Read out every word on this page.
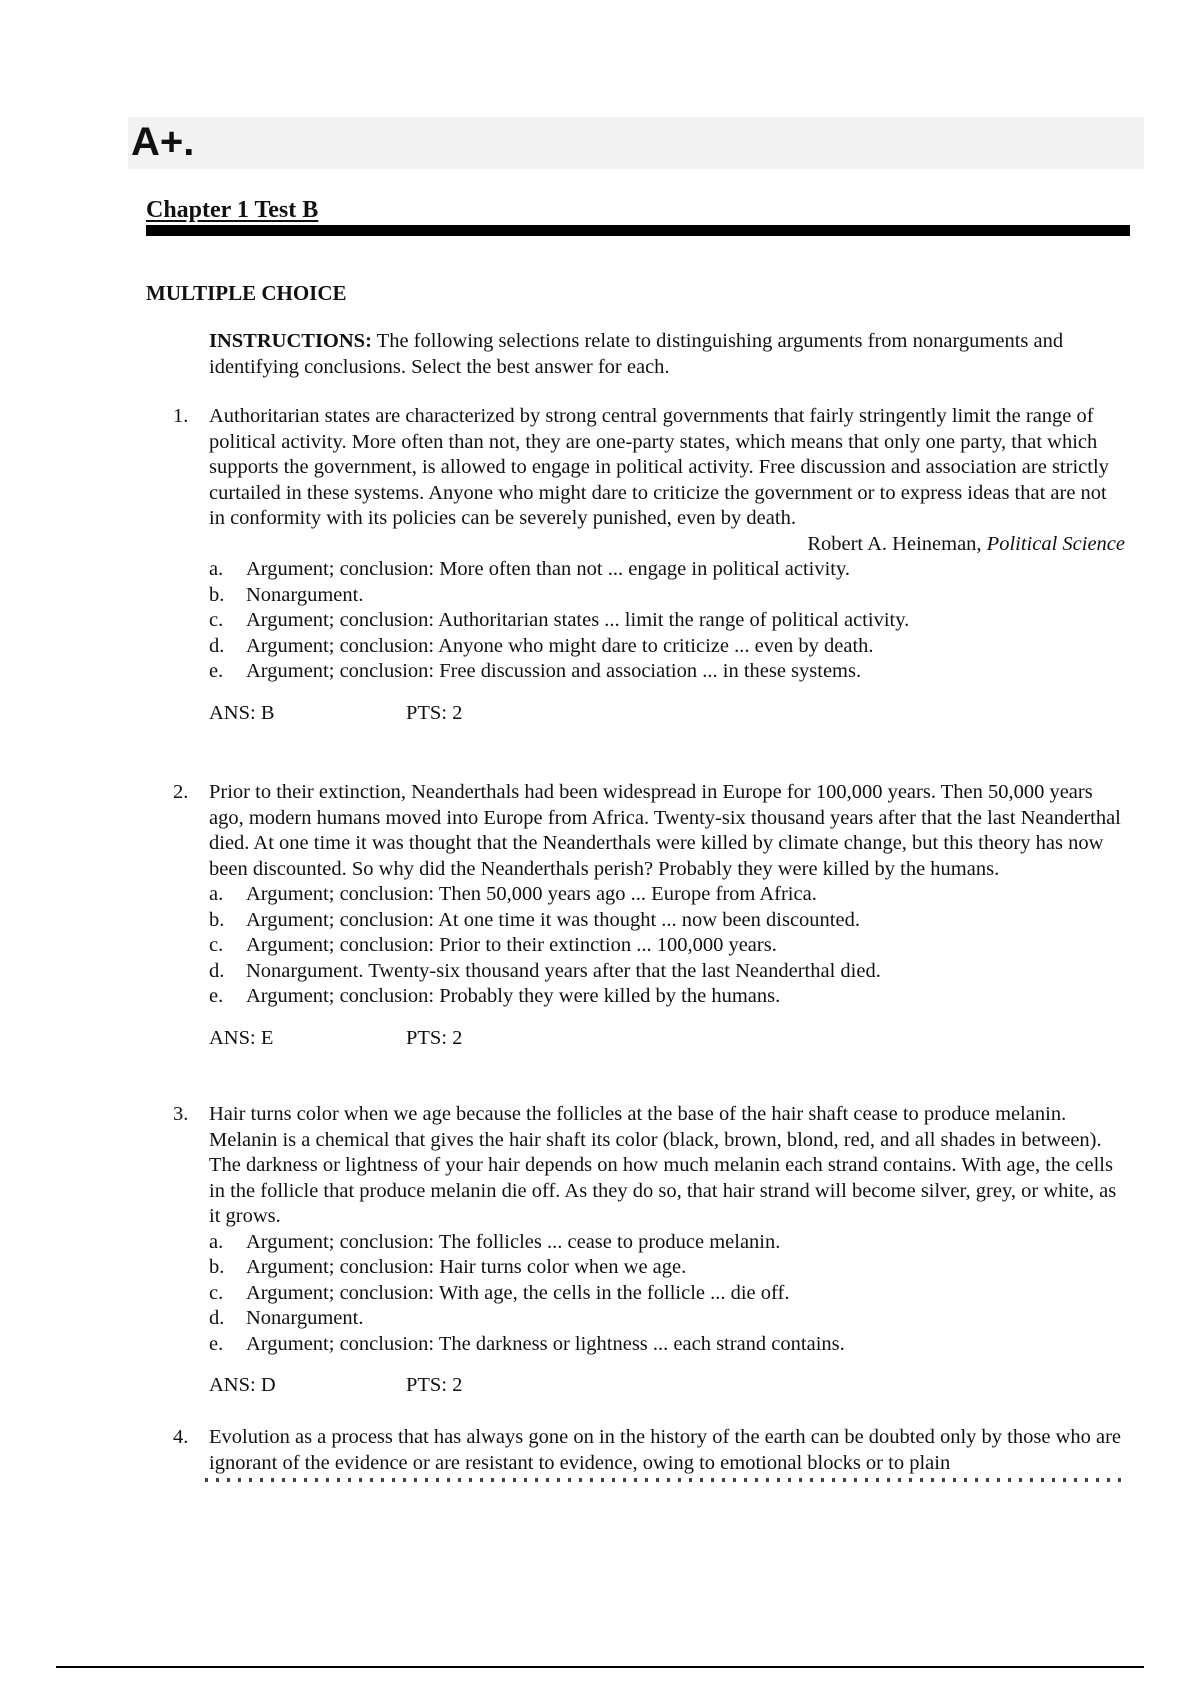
A+.
Chapter 1 Test B
MULTIPLE CHOICE
INSTRUCTIONS: The following selections relate to distinguishing arguments from nonarguments and identifying conclusions. Select the best answer for each.
1. Authoritarian states are characterized by strong central governments that fairly stringently limit the range of political activity. More often than not, they are one-party states, which means that only one party, that which supports the government, is allowed to engage in political activity. Free discussion and association are strictly curtailed in these systems. Anyone who might dare to criticize the government or to express ideas that are not in conformity with its policies can be severely punished, even by death.
Robert A. Heineman, Political Science
a. Argument; conclusion: More often than not ... engage in political activity.
b. Nonargument.
c. Argument; conclusion: Authoritarian states ... limit the range of political activity.
d. Argument; conclusion: Anyone who might dare to criticize ... even by death.
e. Argument; conclusion: Free discussion and association ... in these systems.
ANS: B	PTS: 2
2. Prior to their extinction, Neanderthals had been widespread in Europe for 100,000 years. Then 50,000 years ago, modern humans moved into Europe from Africa. Twenty-six thousand years after that the last Neanderthal died. At one time it was thought that the Neanderthals were killed by climate change, but this theory has now been discounted. So why did the Neanderthals perish? Probably they were killed by the humans.
a. Argument; conclusion: Then 50,000 years ago ... Europe from Africa.
b. Argument; conclusion: At one time it was thought ... now been discounted.
c. Argument; conclusion: Prior to their extinction ... 100,000 years.
d. Nonargument. Twenty-six thousand years after that the last Neanderthal died.
e. Argument; conclusion: Probably they were killed by the humans.
ANS: E	PTS: 2
3. Hair turns color when we age because the follicles at the base of the hair shaft cease to produce melanin. Melanin is a chemical that gives the hair shaft its color (black, brown, blond, red, and all shades in between). The darkness or lightness of your hair depends on how much melanin each strand contains. With age, the cells in the follicle that produce melanin die off. As they do so, that hair strand will become silver, grey, or white, as it grows.
a. Argument; conclusion: The follicles ... cease to produce melanin.
b. Argument; conclusion: Hair turns color when we age.
c. Argument; conclusion: With age, the cells in the follicle ... die off.
d. Nonargument.
e. Argument; conclusion: The darkness or lightness ... each strand contains.
ANS: D	PTS: 2
4. Evolution as a process that has always gone on in the history of the earth can be doubted only by those who are ignorant of the evidence or are resistant to evidence, owing to emotional blocks or to plain
